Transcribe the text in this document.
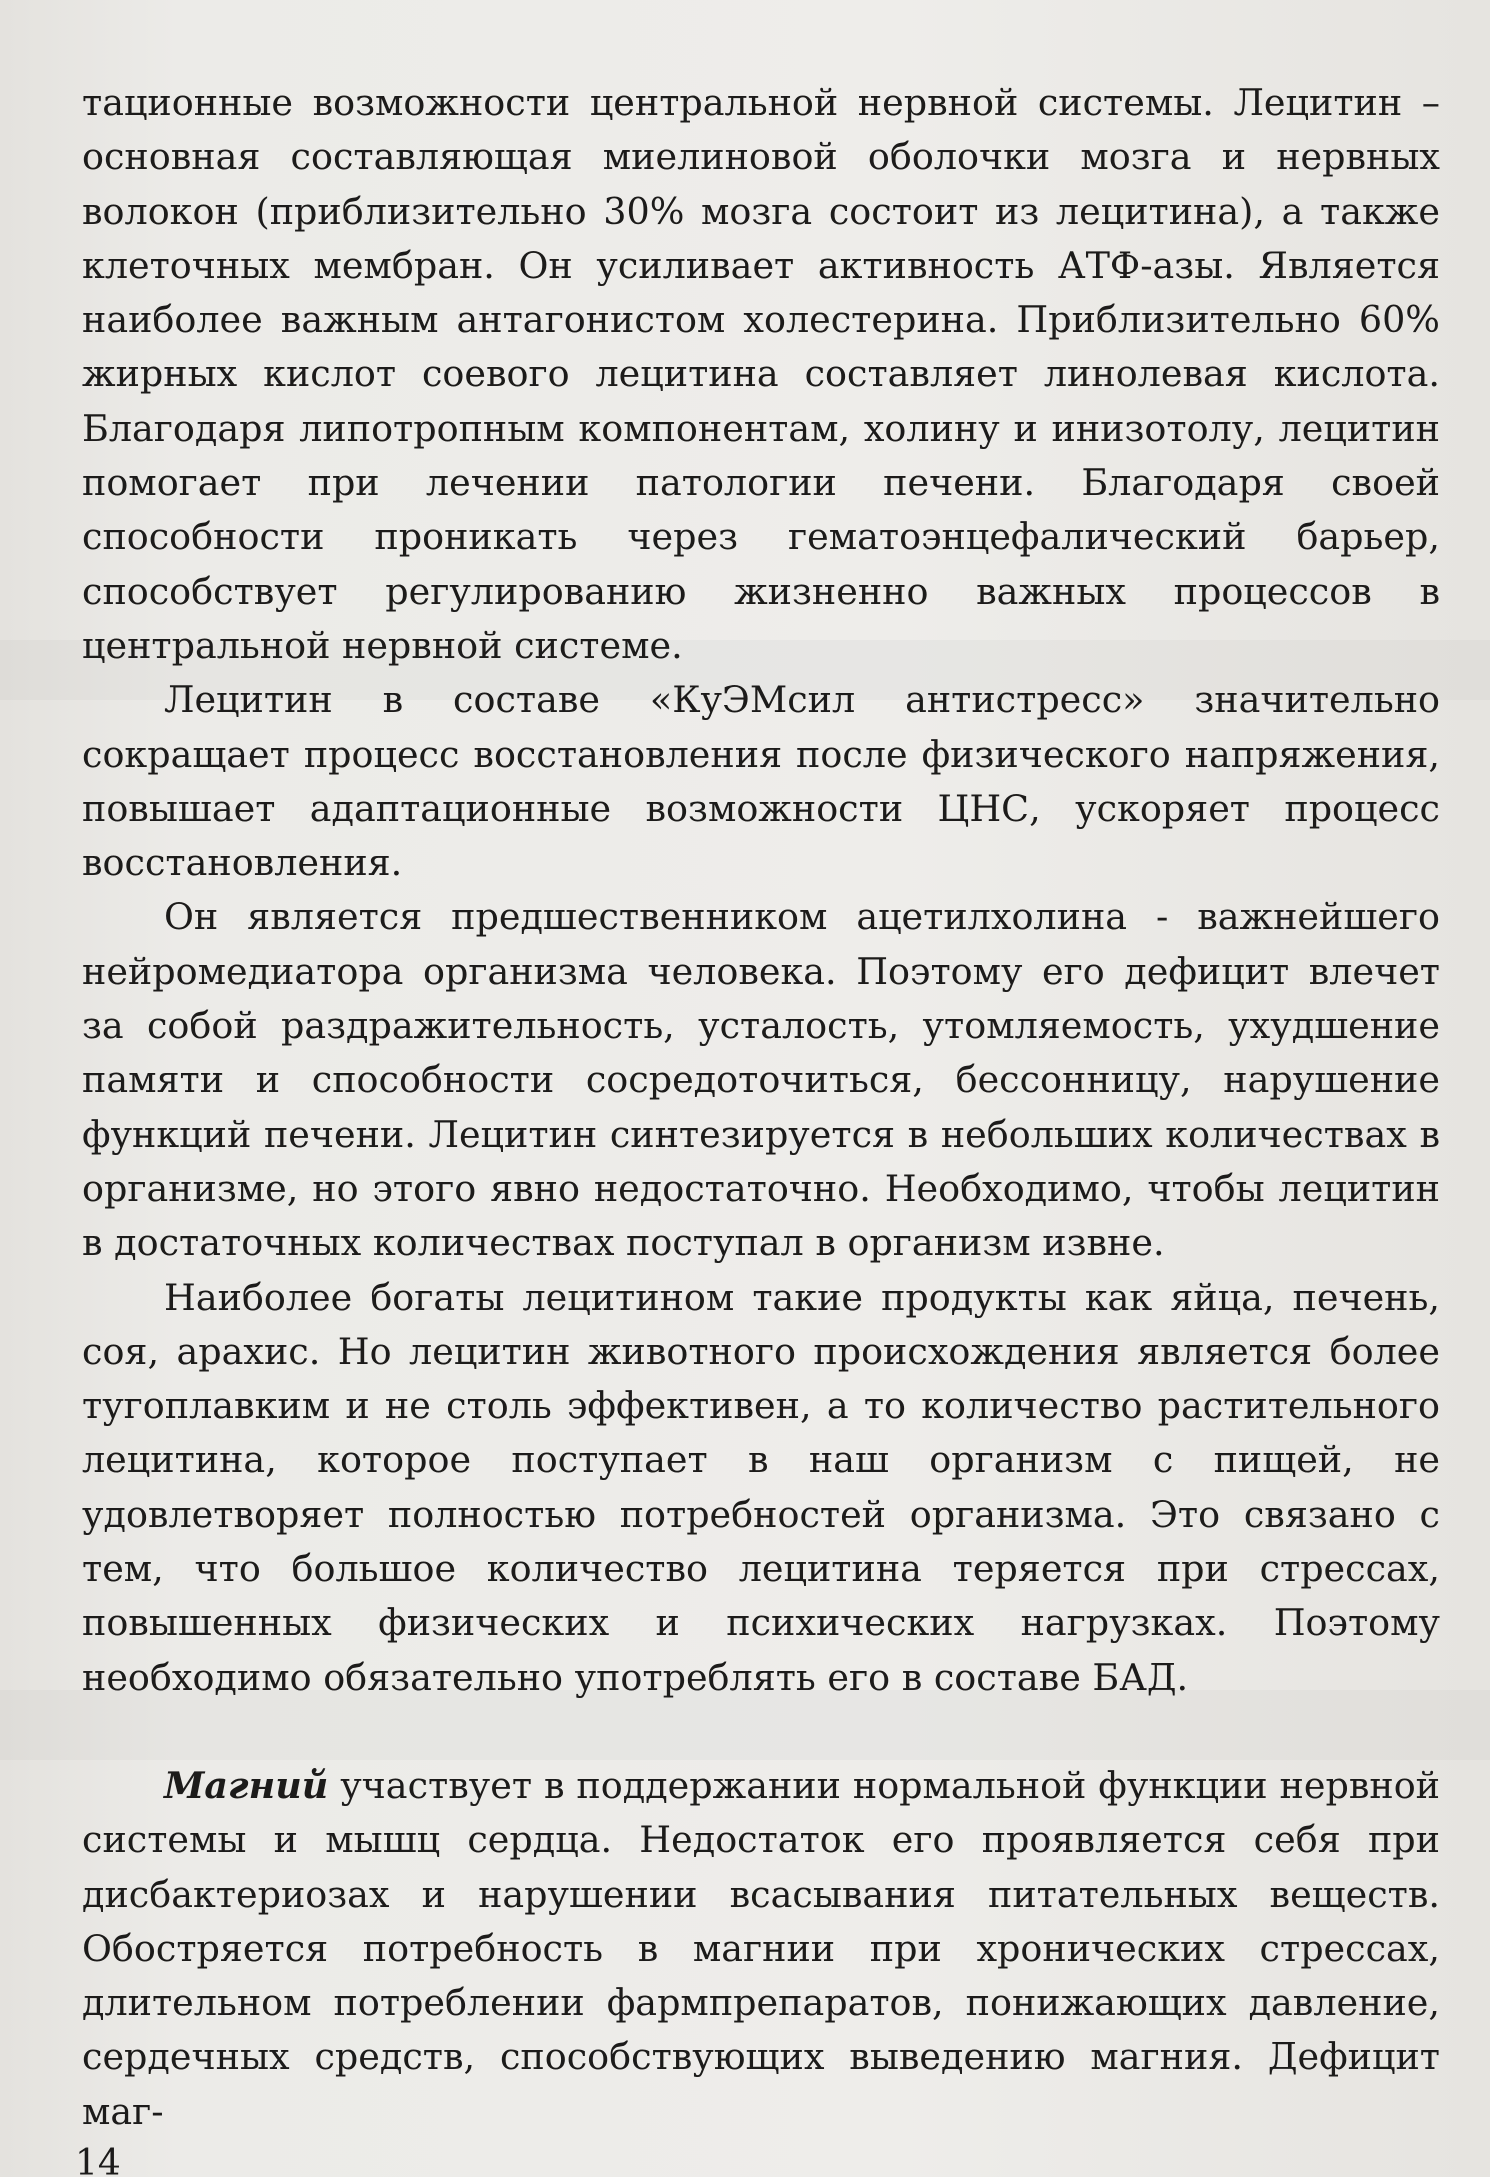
тационные возможности центральной нервной системы. Лецитин – основная составляющая миелиновой оболочки мозга и нервных волокон (приблизительно 30% мозга состоит из лецитина), а также клеточных мембран. Он усиливает активность АТФ-азы. Является наиболее важным антагонистом холестерина. Приблизительно 60% жирных кислот соевого лецитина составляет линолевая кислота. Благодаря липотропным компонентам, холину и инизотолу, лецитин помогает при лечении патологии печени. Благодаря своей способности проникать через гематоэнцефалический барьер, способствует регулированию жизненно важных процессов в центральной нервной системе.

Лецитин в составе «КуЭМсил антистресс» значительно сокращает процесс восстановления после физического напряжения, повышает адаптационные возможности ЦНС, ускоряет процесс восстановления.

Он является предшественником ацетилхолина - важнейшего нейромедиатора организма человека. Поэтому его дефицит влечет за собой раздражительность, усталость, утомляемость, ухудшение памяти и способности сосредоточиться, бессонницу, нарушение функций печени. Лецитин синтезируется в небольших количествах в организме, но этого явно недостаточно. Необходимо, чтобы лецитин в достаточных количествах поступал в организм извне.

Наиболее богаты лецитином такие продукты как яйца, печень, соя, арахис. Но лецитин животного происхождения является более тугоплавким и не столь эффективен, а то количество растительного лецитина, которое поступает в наш организм с пищей, не удовлетворяет полностью потребностей организма. Это связано с тем, что большое количество лецитина теряется при стрессах, повышенных физических и психических нагрузках. Поэтому необходимо обязательно употреблять его в составе БАД.

Магний участвует в поддержании нормальной функции нервной системы и мышц сердца. Недостаток его проявляется себя при дисбактериозах и нарушении всасывания питательных веществ. Обостряется потребность в магнии при хронических стрессах, длительном потреблении фармпрепаратов, понижающих давление, сердечных средств, способствующих выведению магния. Дефицит маг-

14
